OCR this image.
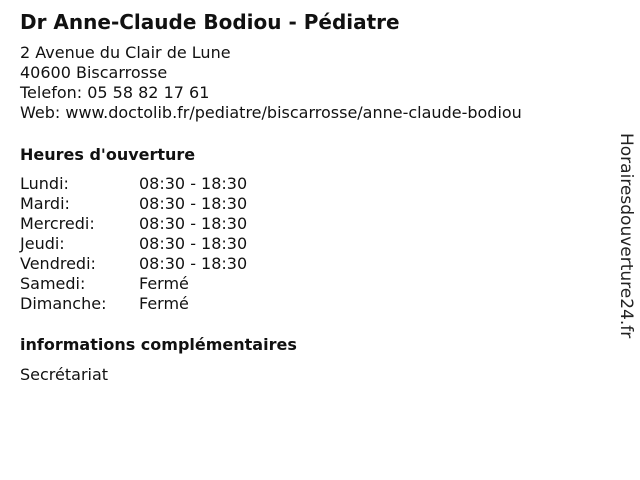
Dr Anne-Claude Bodiou - Pédiatre
2 Avenue du Clair de Lune
40600 Biscarrosse
Telefon: 05 58 82 17 61
Web: www.doctolib.fr/pediatre/biscarrosse/anne-claude-bodiou
Heures d'ouverture
Lundi:	08:30 - 18:30
Mardi:	08:30 - 18:30
Mercredi:	08:30 - 18:30
Jeudi:	08:30 - 18:30
Vendredi:	08:30 - 18:30
Samedi:	Fermé
Dimanche:	Fermé
informations complémentaires
Secrétariat
Horairesdouverture24.fr
